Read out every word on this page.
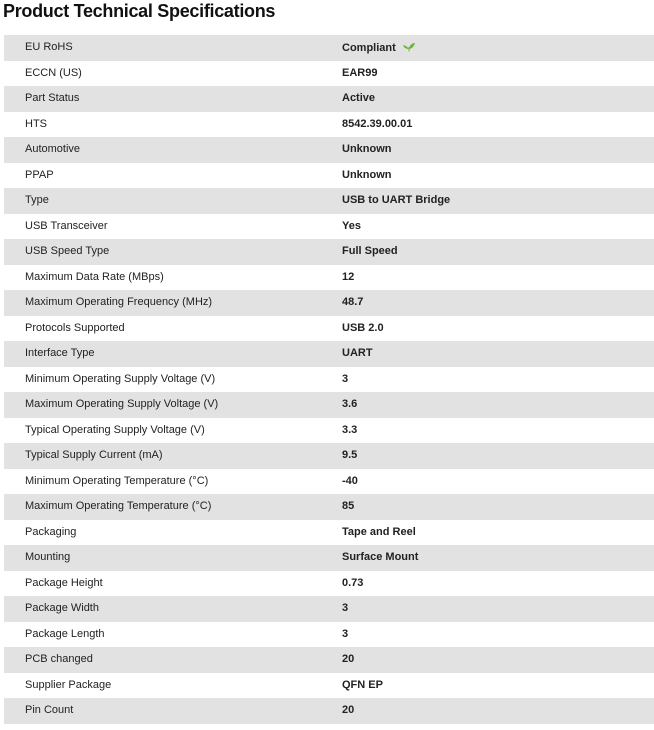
Product Technical Specifications
EU RoHS	Compliant
ECCN (US)	EAR99
Part Status	Active
HTS	8542.39.00.01
Automotive	Unknown
PPAP	Unknown
Type	USB to UART Bridge
USB Transceiver	Yes
USB Speed Type	Full Speed
Maximum Data Rate (MBps)	12
Maximum Operating Frequency (MHz)	48.7
Protocols Supported	USB 2.0
Interface Type	UART
Minimum Operating Supply Voltage (V)	3
Maximum Operating Supply Voltage (V)	3.6
Typical Operating Supply Voltage (V)	3.3
Typical Supply Current (mA)	9.5
Minimum Operating Temperature (°C)	-40
Maximum Operating Temperature (°C)	85
Packaging	Tape and Reel
Mounting	Surface Mount
Package Height	0.73
Package Width	3
Package Length	3
PCB changed	20
Supplier Package	QFN EP
Pin Count	20
